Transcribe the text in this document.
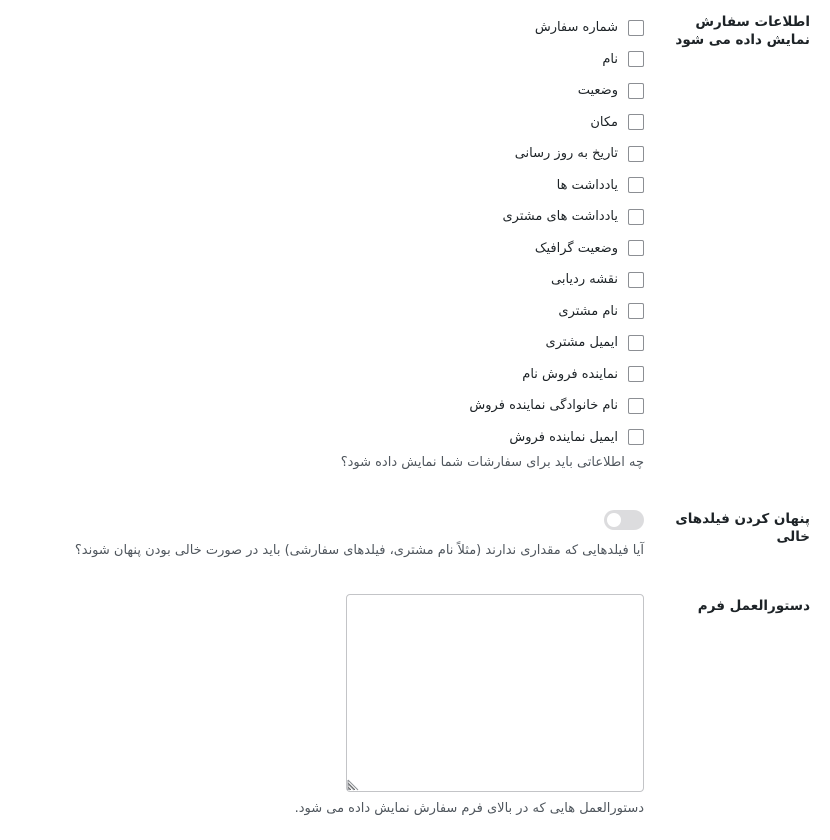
اطلاعات سفارش نمایش داده می شود
شماره سفارش
نام
وضعیت
مکان
تاریخ به روز رسانی
یادداشت ها
یادداشت های مشتری
وضعیت گرافیک
نقشه ردیابی
نام مشتری
ایمیل مشتری
نماینده فروش نام
نام خانوادگی نماینده فروش
ایمیل نماینده فروش
چه اطلاعاتی باید برای سفارشات شما نمایش داده شود؟
پنهان کردن فیلدهای خالی
آیا فیلدهایی که مقداری ندارند (مثلاً نام مشتری، فیلدهای سفارشی) باید در صورت خالی بودن پنهان شوند؟
دستورالعمل فرم
دستورالعمل هایی که در بالای فرم سفارش نمایش داده می شود.
